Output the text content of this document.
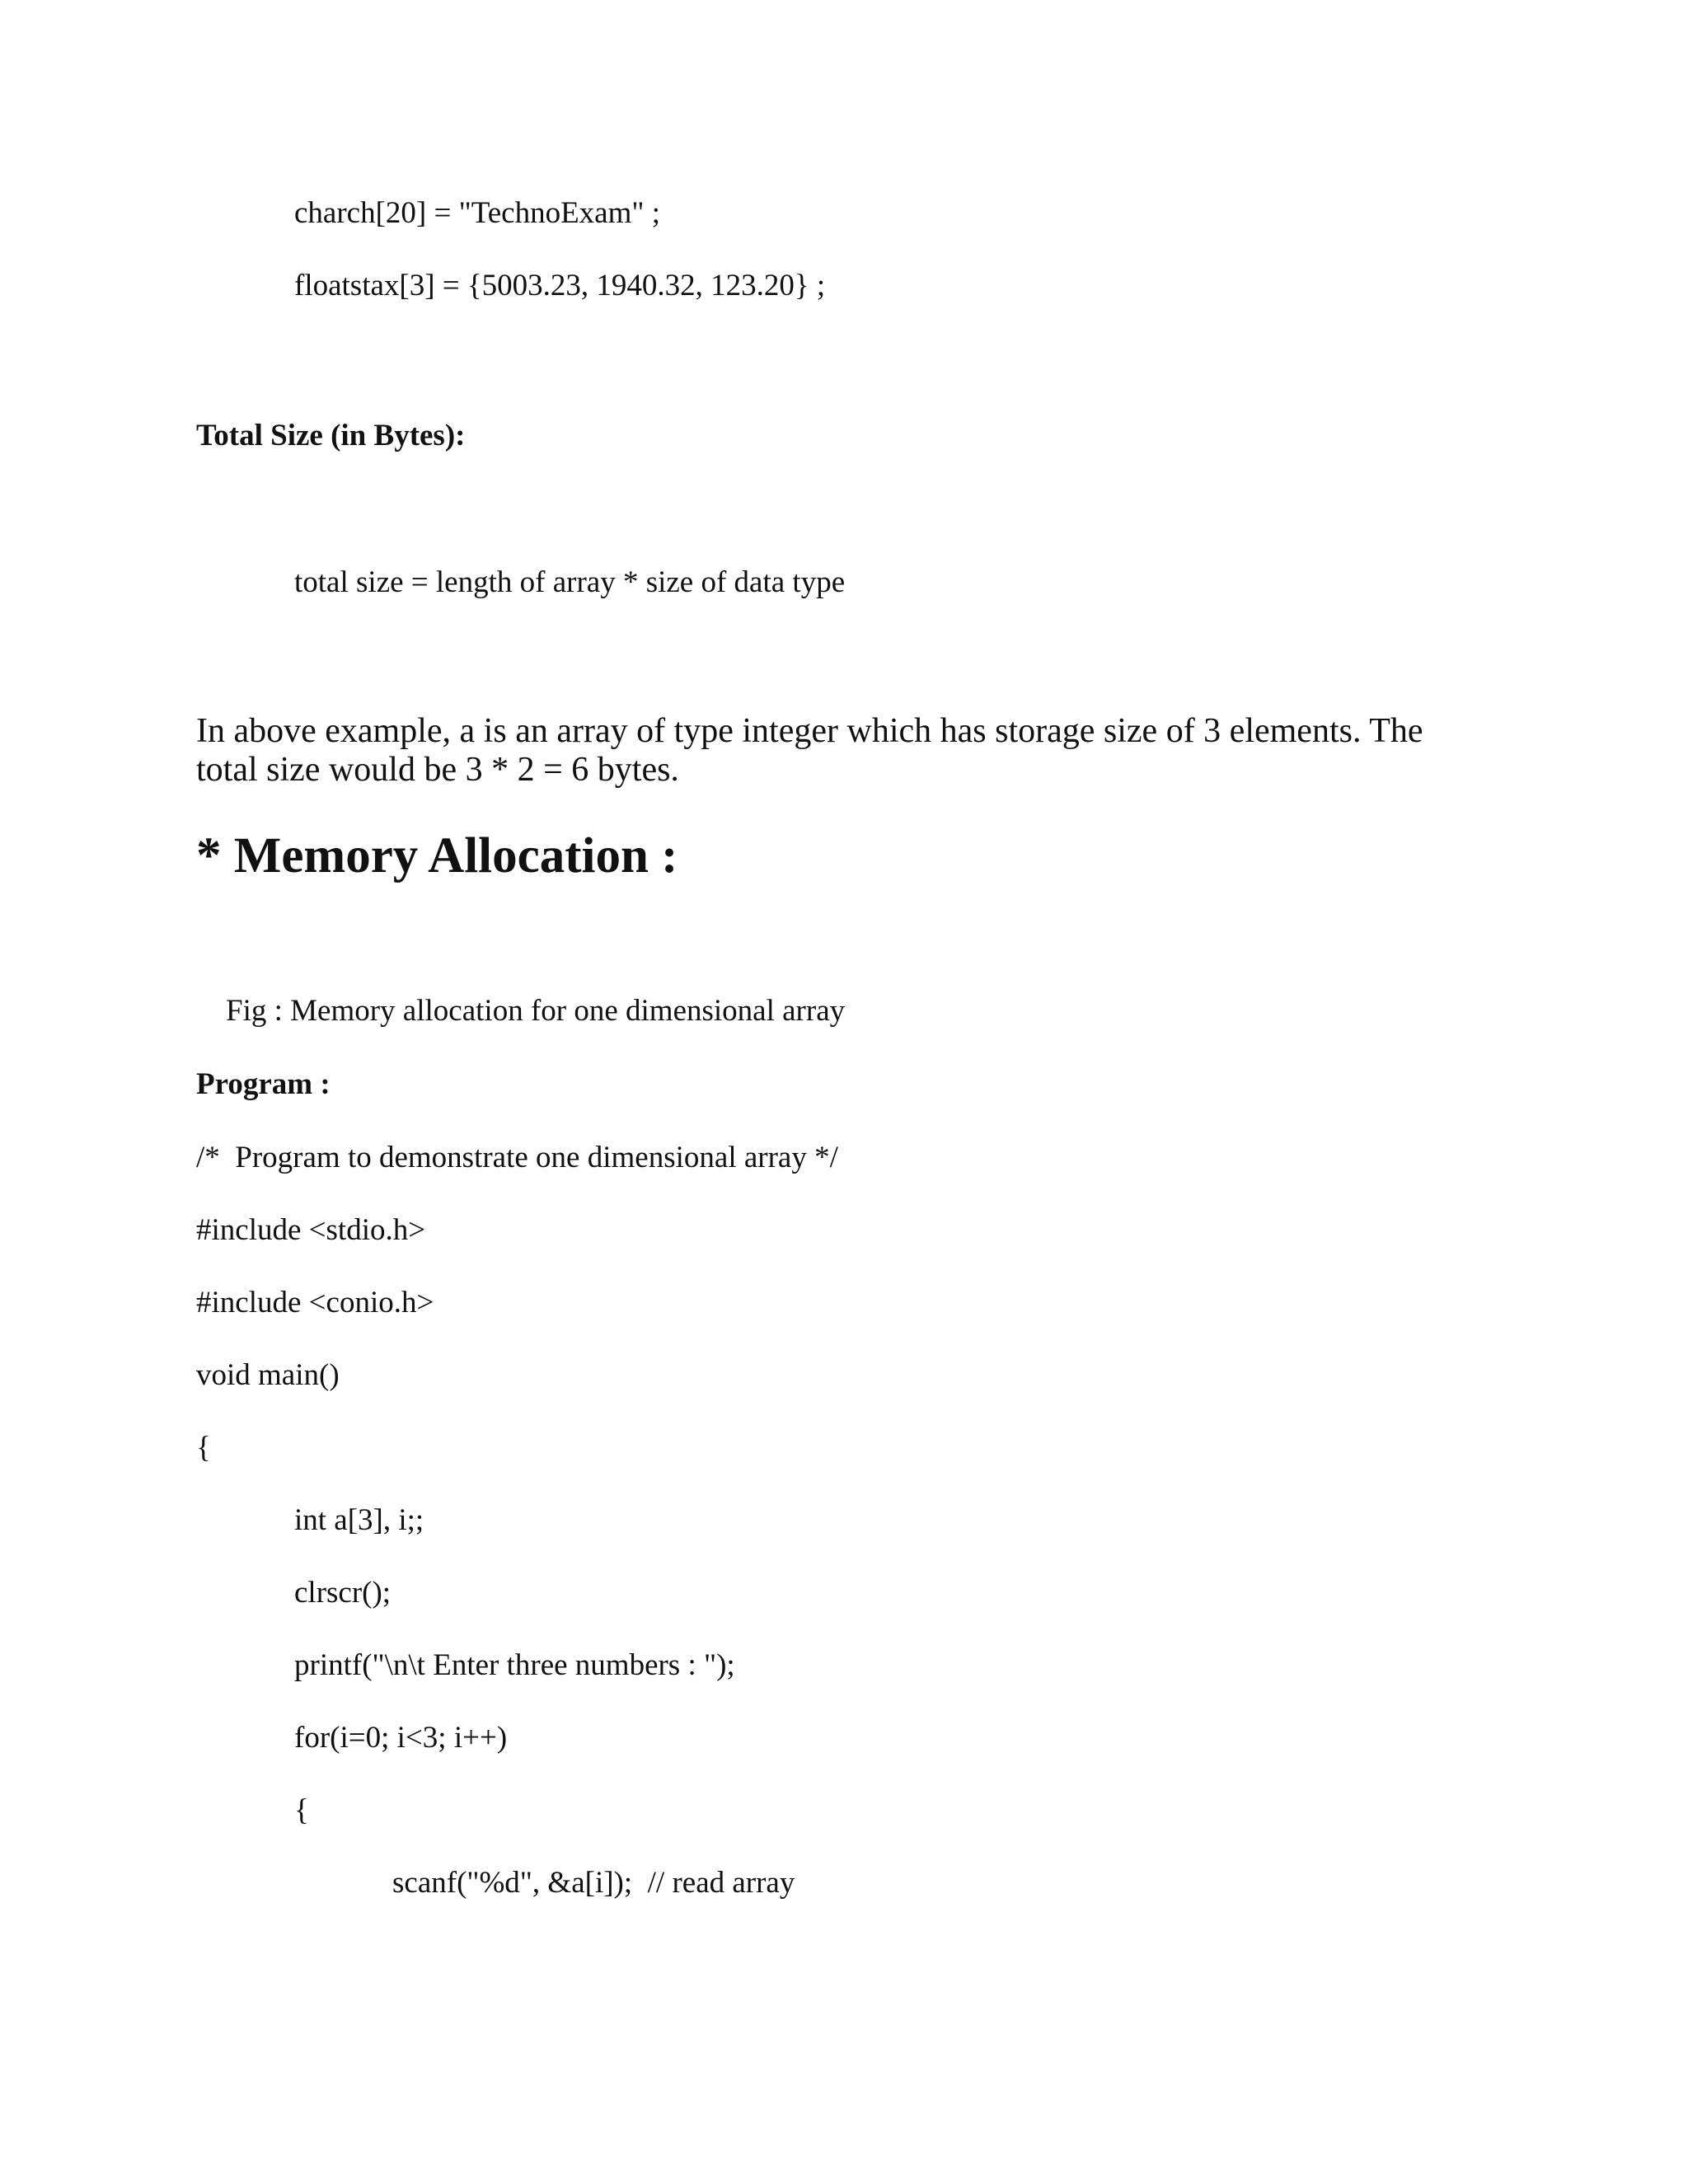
charch[20] = "TechnoExam" ;

floatstax[3] = {5003.23, 1940.32, 123.20} ;

Total Size (in Bytes):

total size = length of array * size of data type

In above example, a is an array of type integer which has storage size of 3 elements. The total size would be 3 * 2 = 6 bytes.

* Memory Allocation :

Fig : Memory allocation for one dimensional array

Program :

/*  Program to demonstrate one dimensional array */

#include <stdio.h>

#include <conio.h>

void main()

{

int a[3], i;;

clrscr();

printf("\n\t Enter three numbers : ");

for(i=0; i<3; i++)

{

scanf("%d", &a[i]);  // read array
